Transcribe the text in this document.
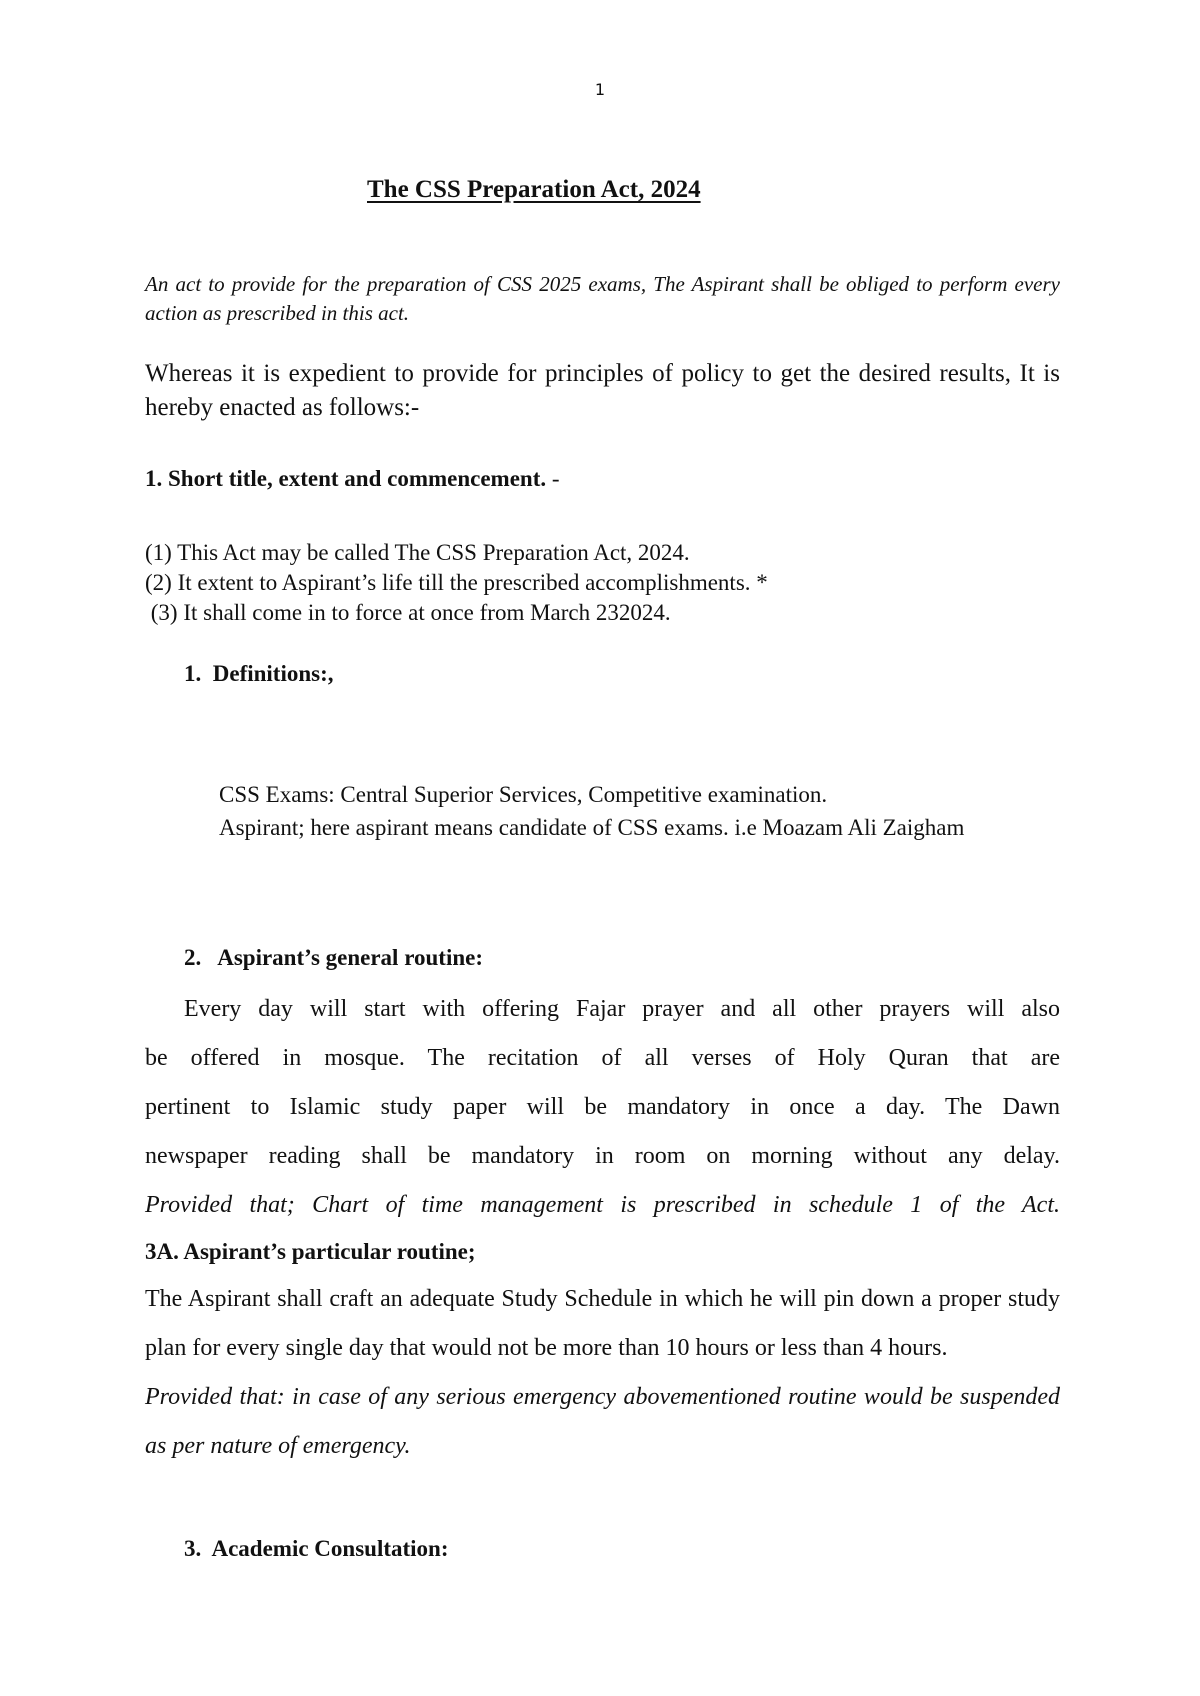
1
The CSS Preparation Act, 2024

An act to provide for the preparation of CSS 2025 exams, The Aspirant shall be obliged to perform every action as prescribed in this act.

Whereas it is expedient to provide for principles of policy to get the desired results, It is hereby enacted as follows:-

1. Short title, extent and commencement. -
(1) This Act may be called The CSS Preparation Act, 2024.
(2) It extent to Aspirant’s life till the prescribed accomplishments. *
(3) It shall come in to force at once from March 232024.
1.  Definitions:,

CSS Exams: Central Superior Services, Competitive examination.

Aspirant; here aspirant means candidate of CSS exams. i.e Moazam Ali Zaigham

2.   Aspirant’s general routine:
Every day will start with offering Fajar prayer and all other prayers will also
be offered in mosque. The recitation of all verses of Holy Quran that are
pertinent to Islamic study paper will be mandatory in once a day. The Dawn
newspaper reading shall be mandatory in room on morning without any delay.
Provided that; Chart of time management is prescribed in schedule 1 of the Act.
3A. Aspirant’s particular routine;
The Aspirant shall craft an adequate Study Schedule in which he will pin down a proper study plan for every single day that would not be more than 10 hours or less than 4 hours.
Provided that: in case of any serious emergency abovementioned routine would be suspended as per nature of emergency.
3.  Academic Consultation:
